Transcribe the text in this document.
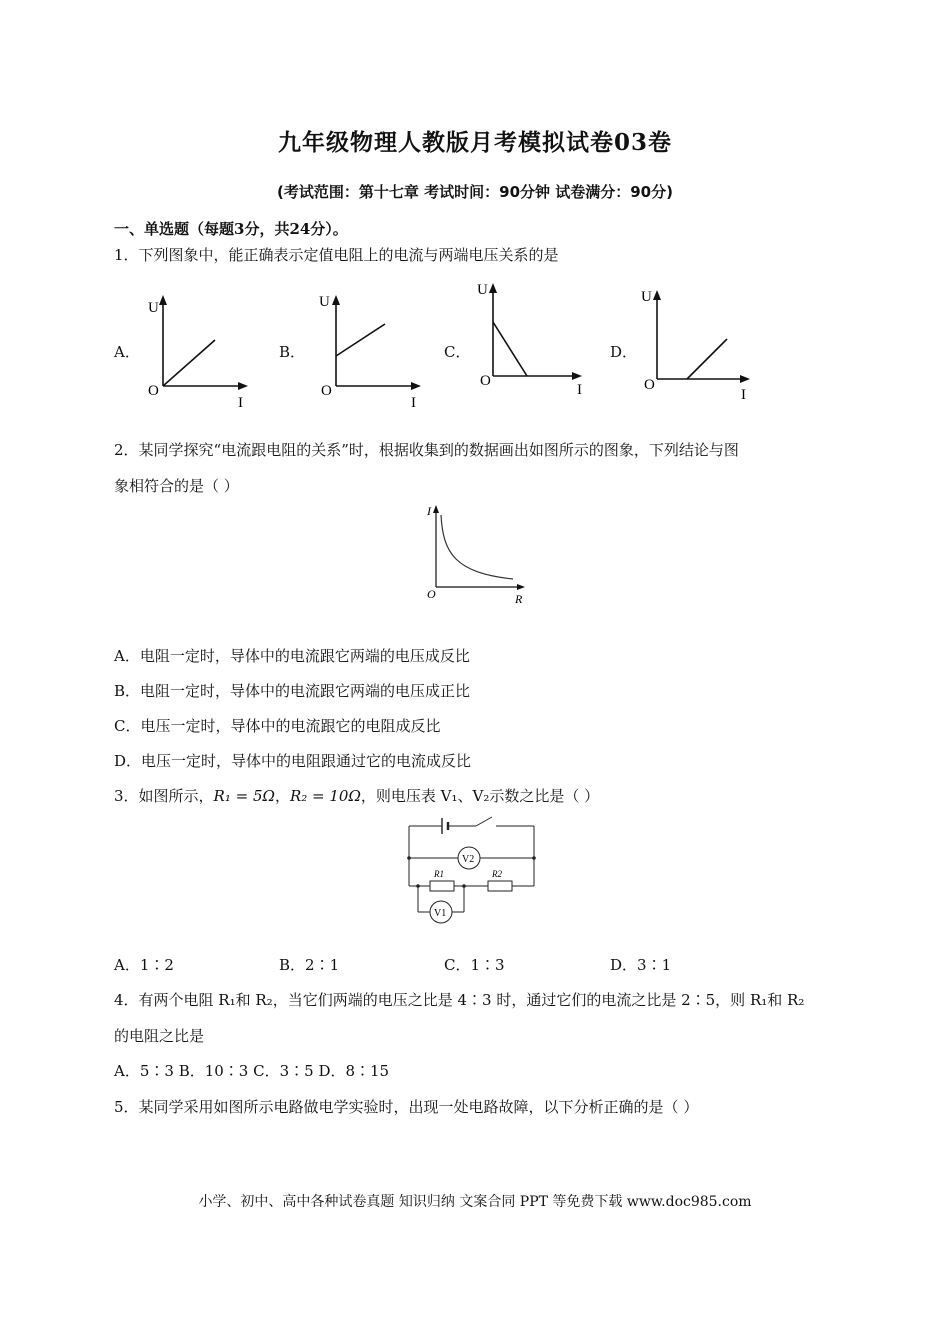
九年级物理人教版月考模拟试卷03卷
(考试范围：第十七章 考试时间：90分钟 试卷满分：90分)
一、单选题（每题3分，共24分）。
1．下列图象中，能正确表示定值电阻上的电流与两端电压关系的是
A．	B．	C．	D．
U
O
I
U
O
I
U
O
I
U
O
I
2．某同学探究“电流跟电阻的关系”时，根据收集到的数据画出如图所示的图象，下列结论与图
象相符合的是（ ）
I
O	R
A．电阻一定时，导体中的电流跟它两端的电压成反比
B．电阻一定时，导体中的电流跟它两端的电压成正比
C．电压一定时，导体中的电流跟它的电阻成反比
D．电压一定时，导体中的电阻跟通过它的电流成反比
3．如图所示，R₁ = 5Ω，R₂ = 10Ω，则电压表 V₁、V₂示数之比是（ ）
V2
V1
R1	R2
A．1∶2	B．2∶1	C．1∶3	D．3∶1
4．有两个电阻 R₁和 R₂，当它们两端的电压之比是 4∶3 时，通过它们的电流之比是 2∶5，则 R₁和 R₂
的电阻之比是
A．5∶3 B．10∶3 C．3∶5 D．8∶15
5．某同学采用如图所示电路做电学实验时，出现一处电路故障，以下分析正确的是（ ）
小学、初中、高中各种试卷真题 知识归纳 文案合同 PPT 等免费下载 www.doc985.com
